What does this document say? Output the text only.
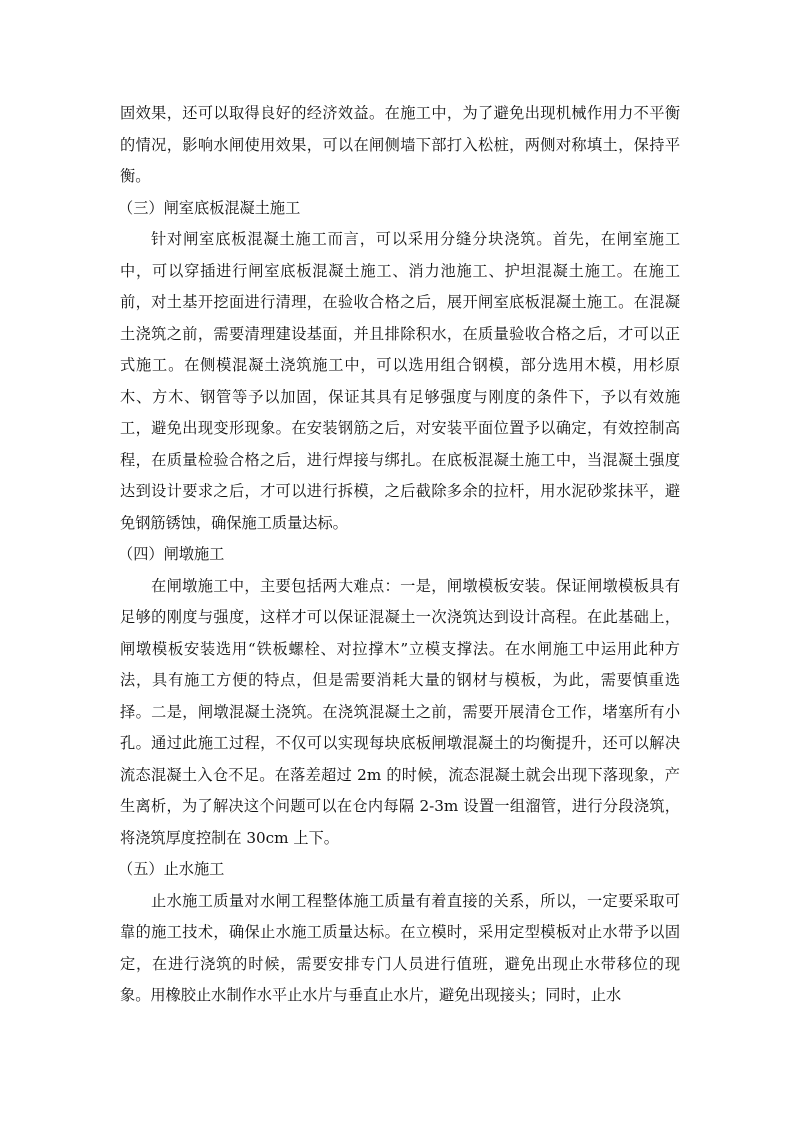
固效果，还可以取得良好的经济效益。在施工中，为了避免出现机械作用力不平衡的情况，影响水闸使用效果，可以在闸侧墙下部打入松桩，两侧对称填土，保持平衡。

（三）闸室底板混凝土施工

针对闸室底板混凝土施工而言，可以采用分缝分块浇筑。首先，在闸室施工中，可以穿插进行闸室底板混凝土施工、消力池施工、护坦混凝土施工。在施工前，对土基开挖面进行清理，在验收合格之后，展开闸室底板混凝土施工。在混凝土浇筑之前，需要清理建设基面，并且排除积水，在质量验收合格之后，才可以正式施工。在侧模混凝土浇筑施工中，可以选用组合钢模，部分选用木模，用杉原木、方木、钢管等予以加固，保证其具有足够强度与刚度的条件下，予以有效施工，避免出现变形现象。在安装钢筋之后，对安装平面位置予以确定，有效控制高程，在质量检验合格之后，进行焊接与绑扎。在底板混凝土施工中，当混凝土强度达到设计要求之后，才可以进行拆模，之后截除多余的拉杆，用水泥砂浆抹平，避免钢筋锈蚀，确保施工质量达标。

（四）闸墩施工

在闸墩施工中，主要包括两大难点：一是，闸墩模板安装。保证闸墩模板具有足够的刚度与强度，这样才可以保证混凝土一次浇筑达到设计高程。在此基础上，闸墩模板安装选用“铁板螺栓、对拉撑木”立模支撑法。在水闸施工中运用此种方法，具有施工方便的特点，但是需要消耗大量的钢材与模板，为此，需要慎重选择。二是，闸墩混凝土浇筑。在浇筑混凝土之前，需要开展清仓工作，堵塞所有小孔。通过此施工过程，不仅可以实现每块底板闸墩混凝土的均衡提升，还可以解决流态混凝土入仓不足。在落差超过 2m 的时候，流态混凝土就会出现下落现象，产生离析，为了解决这个问题可以在仓内每隔 2-3m 设置一组溜管，进行分段浇筑，将浇筑厚度控制在 30cm 上下。

（五）止水施工

止水施工质量对水闸工程整体施工质量有着直接的关系，所以，一定要采取可靠的施工技术，确保止水施工质量达标。在立模时，采用定型模板对止水带予以固定，在进行浇筑的时候，需要安排专门人员进行值班，避免出现止水带移位的现象。用橡胶止水制作水平止水片与垂直止水片，避免出现接头；同时，止水
